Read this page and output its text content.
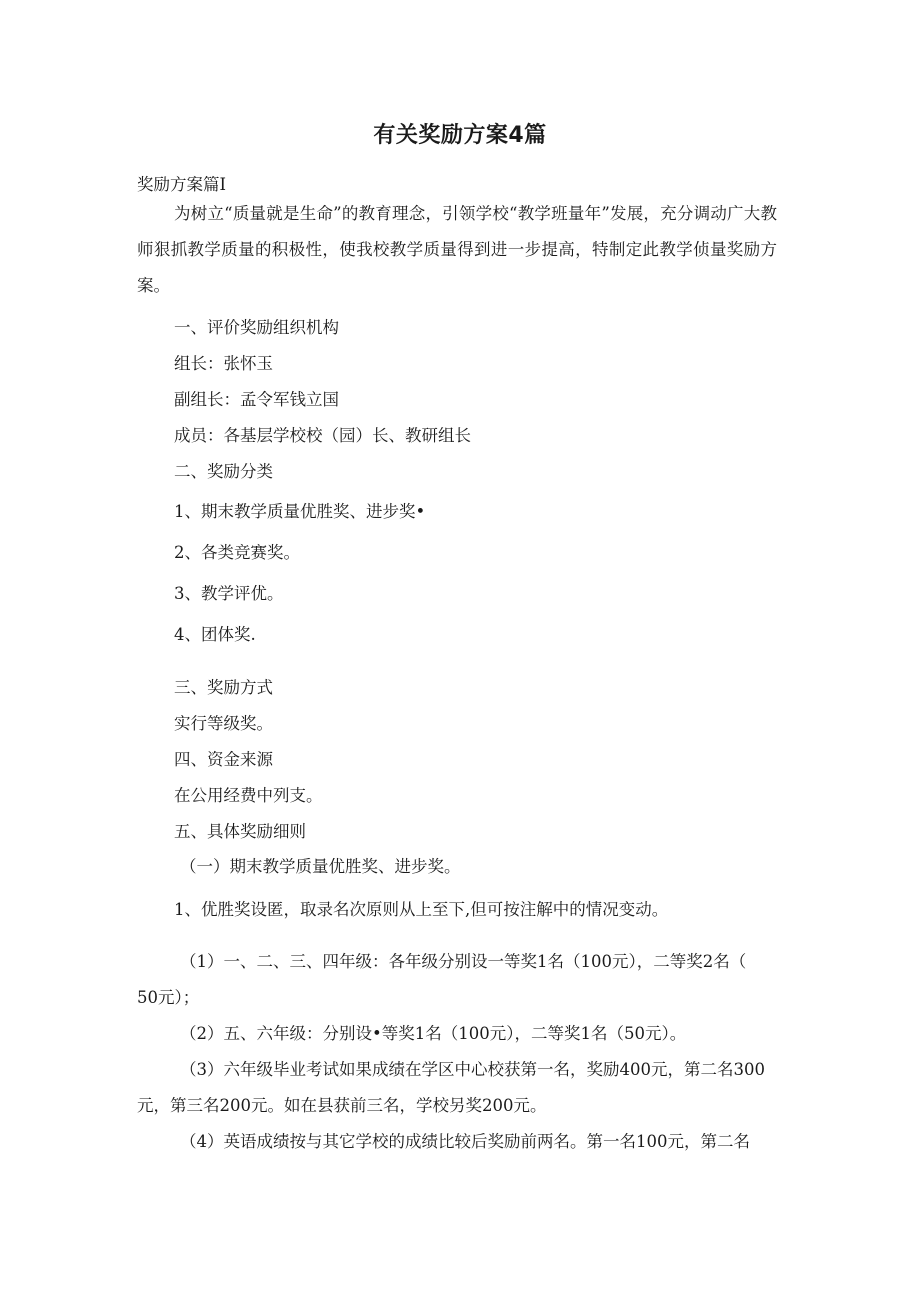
有关奖励方案4篇
奖励方案篇I
为树立“质量就是生命”的教育理念，引领学校“教学班量年”发展，充分调动广大教师狠抓教学质量的积极性，使我校教学质量得到进一步提高，特制定此教学侦量奖励方案。
一、评价奖励组织机构
组长：张怀玉
副组长：孟令军钱立国
成员：各基层学校校（园）长、教研组长
二、奖励分类
1、期末教学质量优胜奖、进步奖•
2、各类竞赛奖。
3、教学评优。
4、团体奖.
三、奖励方式
实行等级奖。
四、资金来源
在公用经费中列支。
五、具体奖励细则
（一）期末教学质量优胜奖、进步奖。
1、优胜奖设匿，取录名次原则从上至下,但可按注解中的情况变动。
（1）一、二、三、四年级：各年级分别设一等奖1名（100元），二等奖2名（
50元）；
（2）五、六年级：分别设•等奖1名（100元），二等奖1名（50元）。
（3）六年级毕业考试如果成绩在学区中心校获第一名，奖励400元，第二名300
元，第三名200元。如在县获前三名，学校另奖200元。
（4）英语成绩按与其它学校的成绩比较后奖励前两名。第一名100元，第二名
